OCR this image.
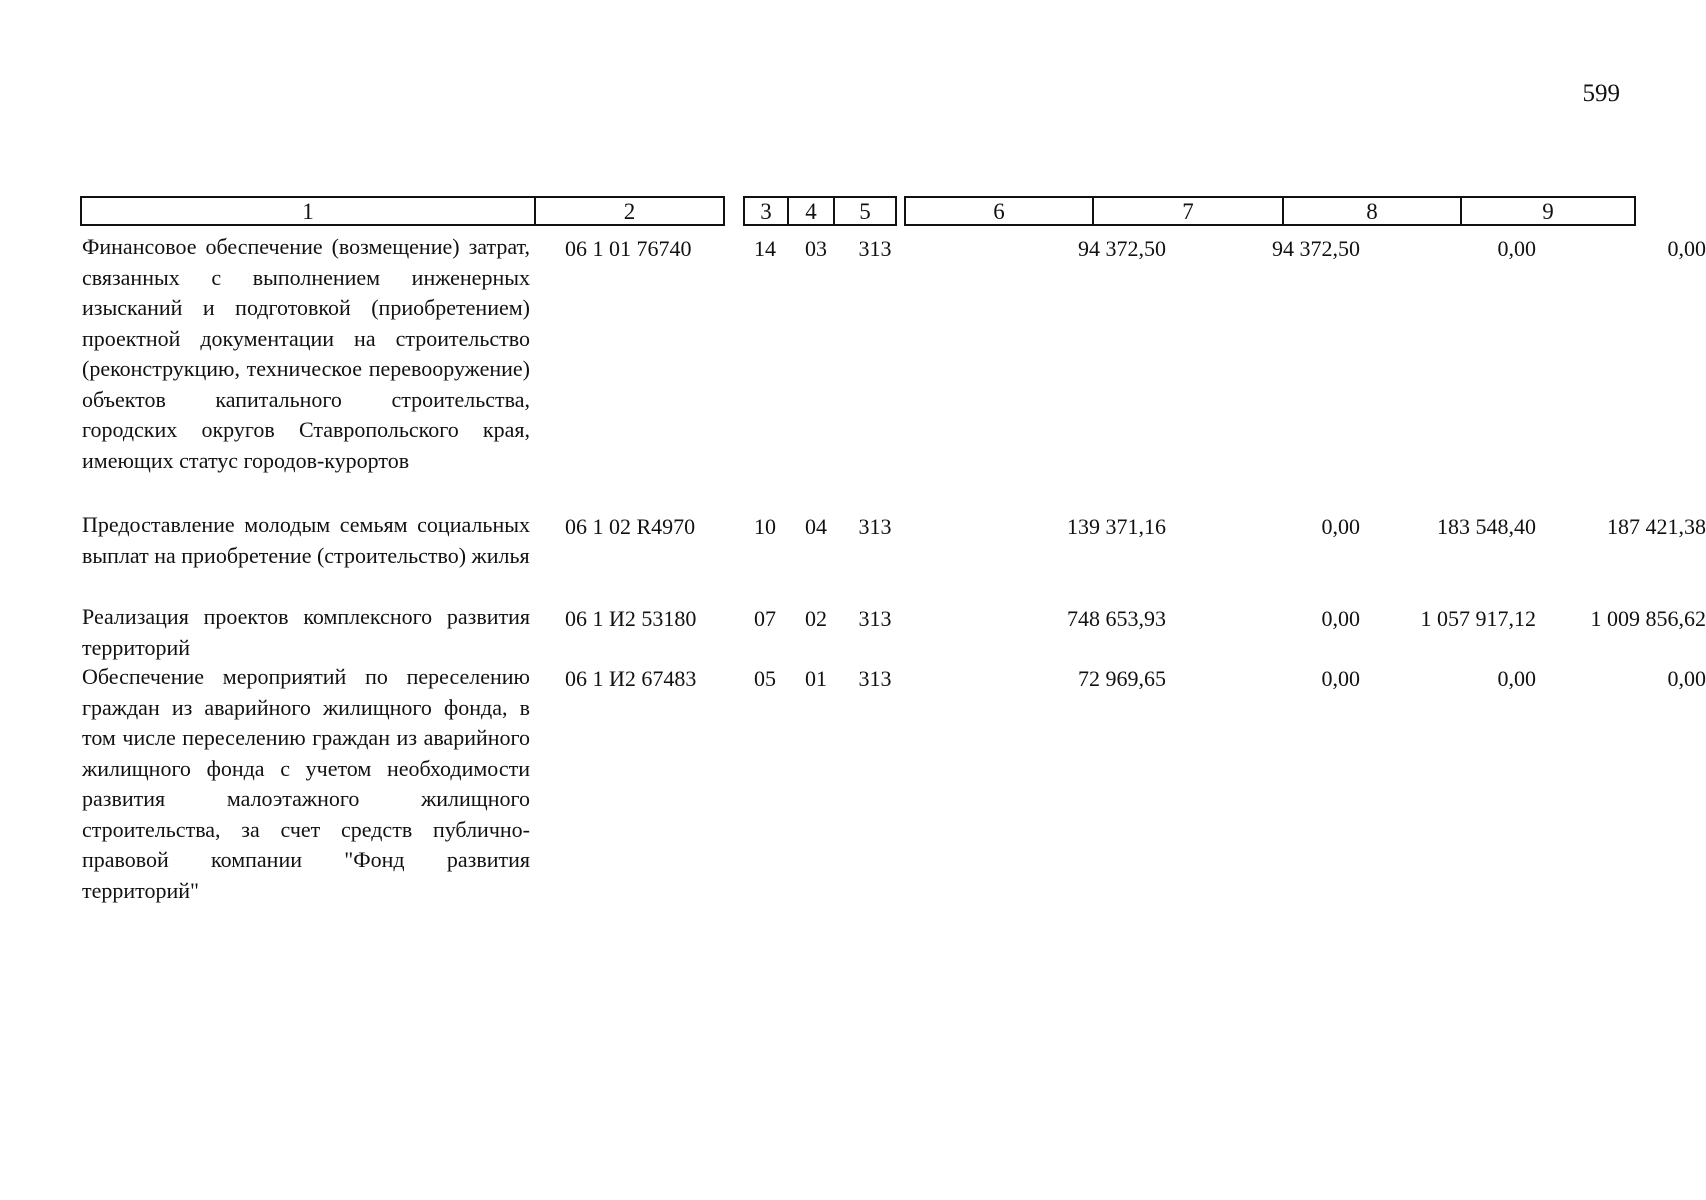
599
1	2	3	4	5	6	7	8	9
Финансовое обеспечение (возмещение) затрат, связанных с выполнением инженерных изысканий и подготовкой (приобретением) проектной документации на строительство (реконструкцию, техническое перевооружение) объектов капитального строительства, городских округов Ставропольского края, имеющих статус городов-курортов
06 1 01 76740	14	03	313	94 372,50	94 372,50	0,00	0,00
Предоставление молодым семьям социальных выплат на приобретение (строительство) жилья
06 1 02 R4970	10	04	313	139 371,16	0,00	183 548,40	187 421,38
Реализация проектов комплексного развития территорий
06 1 И2 53180	07	02	313	748 653,93	0,00	1 057 917,12	1 009 856,62
Обеспечение мероприятий по переселению граждан из аварийного жилищного фонда, в том числе переселению граждан из аварийного жилищного фонда с учетом необходимости развития малоэтажного жилищного строительства, за счет средств публично-правовой компании "Фонд развития территорий"
06 1 И2 67483	05	01	313	72 969,65	0,00	0,00	0,00
